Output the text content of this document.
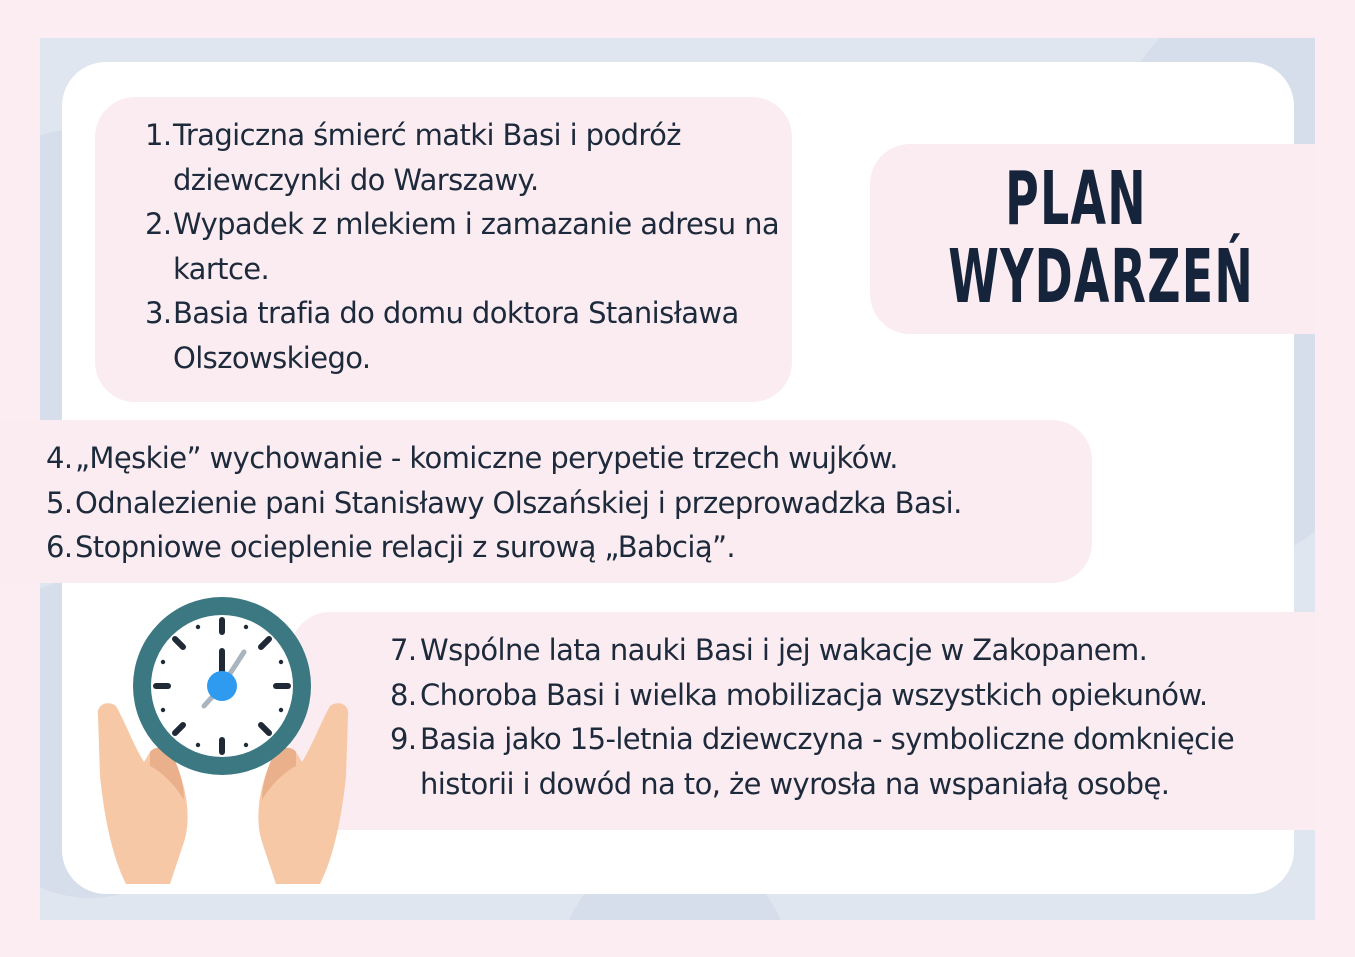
1. Tragiczna śmierć matki Basi i podróż dziewczynki do Warszawy.
2. Wypadek z mlekiem i zamazanie adresu na kartce.
3. Basia trafia do domu doktora Stanisława Olszowskiego.
PLAN
WYDARZEŃ
4. „Męskie” wychowanie - komiczne perypetie trzech wujków.
5. Odnalezienie pani Stanisławy Olszańskiej i przeprowadzka Basi.
6. Stopniowe ocieplenie relacji z surową „Babcią”.
7. Wspólne lata nauki Basi i jej wakacje w Zakopanem.
8. Choroba Basi i wielka mobilizacja wszystkich opiekunów.
9. Basia jako 15-letnia dziewczyna - symboliczne domknięcie historii i dowód na to, że wyrosła na wspaniałą osobę.
